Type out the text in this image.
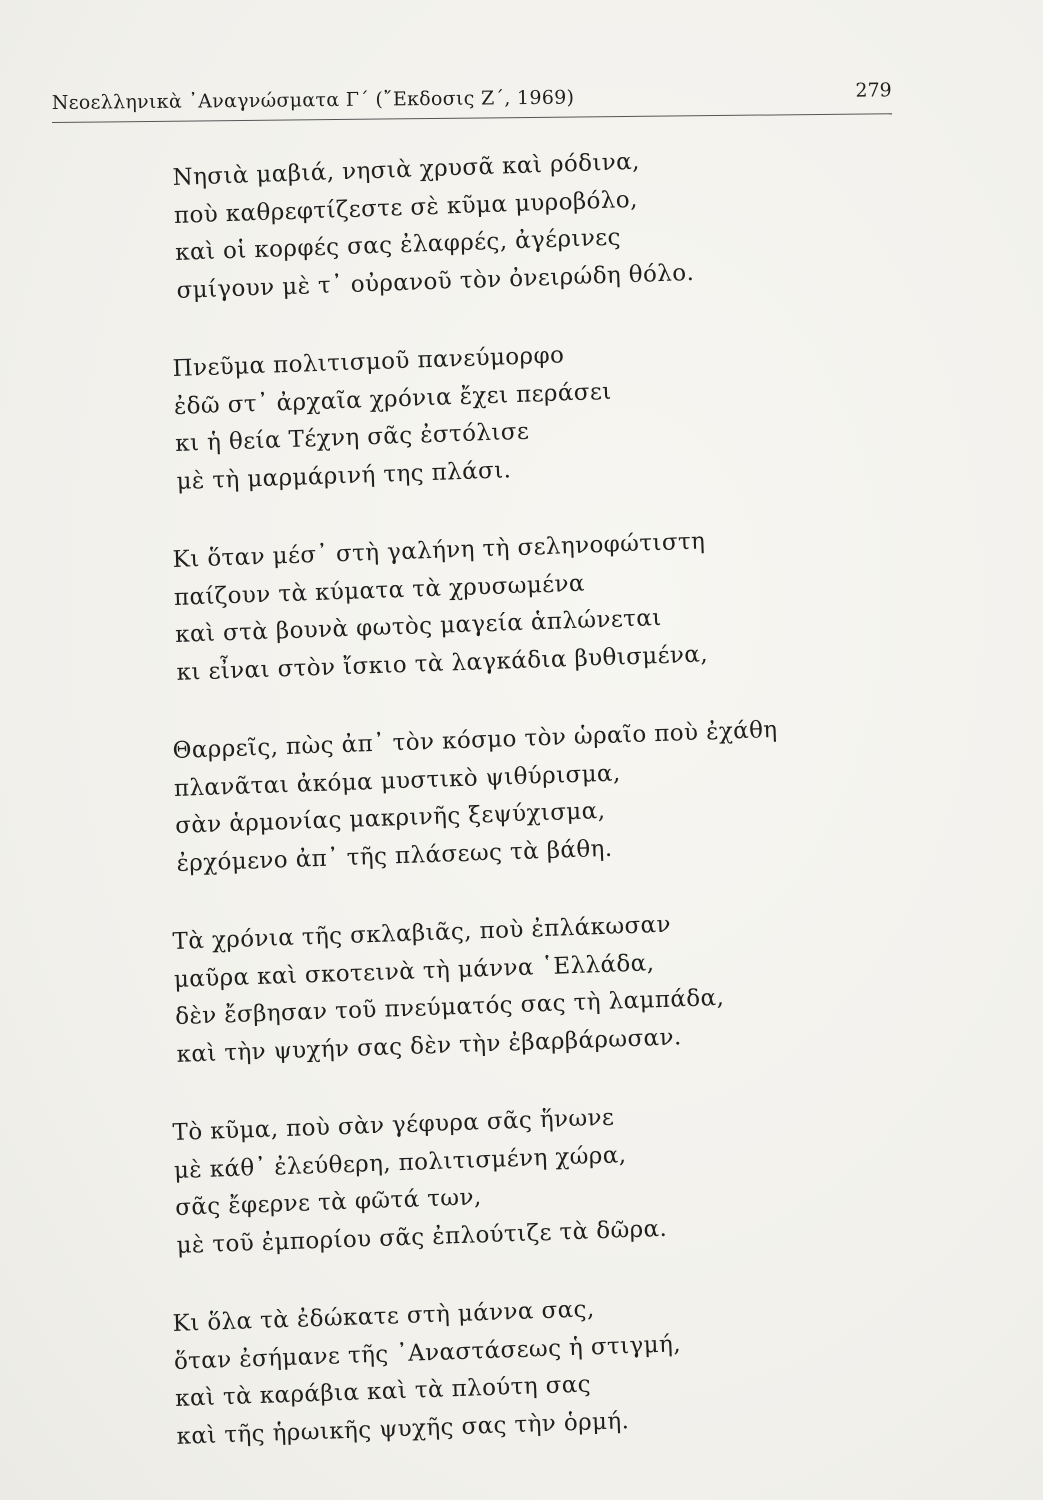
Νεοελληνικὰ ᾿Αναγνώσματα Γ΄ (῎Εκδοσις Ζ΄, 1969)	279
Νησιὰ μαβιά, νησιὰ χρυσᾶ καὶ ρόδινα,
ποὺ καθρεφτίζεστε σὲ κῦμα μυροβόλο,
καὶ οἱ κορφές σας ἐλαφρές, ἀγέρινες
σμίγουν μὲ τ᾿ οὐρανοῦ τὸν ὀνειρώδη θόλο.
Πνεῦμα πολιτισμοῦ πανεύμορφο
ἐδῶ στ᾿ ἀρχαῖα χρόνια ἔχει περάσει
κι ἡ θεία Τέχνη σᾶς ἐστόλισε
μὲ τὴ μαρμάρινή της πλάσι.
Κι ὅταν μέσ᾿ στὴ γαλήνη τὴ σεληνοφώτιστη
παίζουν τὰ κύματα τὰ χρυσωμένα
καὶ στὰ βουνὰ φωτὸς μαγεία ἁπλώνεται
κι εἶναι στὸν ἴσκιο τὰ λαγκάδια βυθισμένα,
Θαρρεῖς, πὼς ἀπ᾿ τὸν κόσμο τὸν ὡραῖο ποὺ ἐχάθη
πλανᾶται ἀκόμα μυστικὸ ψιθύρισμα,
σὰν ἁρμονίας μακρινῆς ξεψύχισμα,
ἐρχόμενο ἀπ᾿ τῆς πλάσεως τὰ βάθη.
Τὰ χρόνια τῆς σκλαβιᾶς, ποὺ ἐπλάκωσαν
μαῦρα καὶ σκοτεινὰ τὴ μάννα ῾Ελλάδα,
δὲν ἔσβησαν τοῦ πνεύματός σας τὴ λαμπάδα,
καὶ τὴν ψυχήν σας δὲν τὴν ἐβαρβάρωσαν.
Τὸ κῦμα, ποὺ σὰν γέφυρα σᾶς ἥνωνε
μὲ κάθ᾿ ἐλεύθερη, πολιτισμένη χώρα,
σᾶς ἔφερνε τὰ φῶτά των,
μὲ τοῦ ἐμπορίου σᾶς ἐπλούτιζε τὰ δῶρα.
Κι ὅλα τὰ ἐδώκατε στὴ μάννα σας,
ὅταν ἐσήμανε τῆς ᾿Αναστάσεως ἡ στιγμή,
καὶ τὰ καράβια καὶ τὰ πλούτη σας
καὶ τῆς ἡρωικῆς ψυχῆς σας τὴν ὁρμή.
